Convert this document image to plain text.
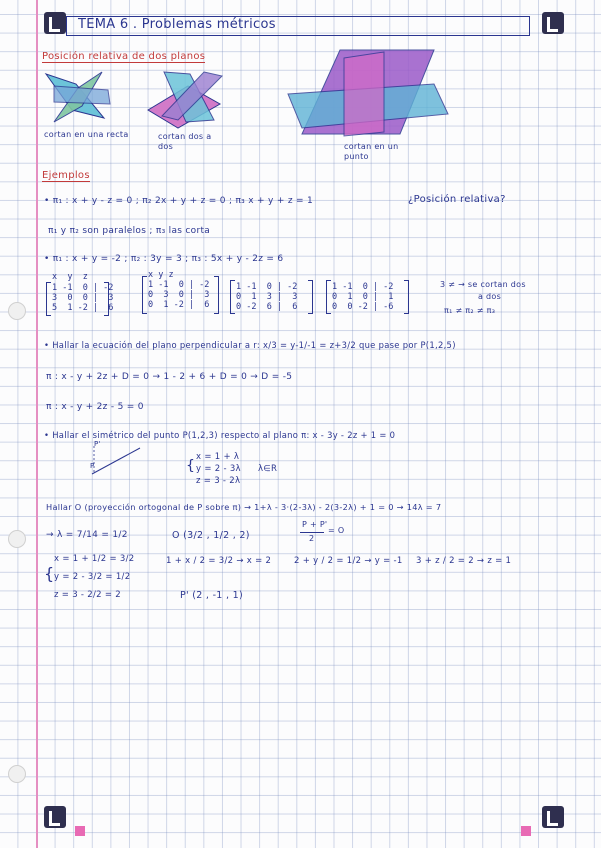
TEMA 6 . Problemas métricos
Posición relativa de dos planos
cortan en una recta	cortan dos a dos	cortan en un punto
Ejemplos
• π₁ : x + y - z = 0 ; π₂ 2x + y + z = 0 ; π₃ x + y + z = 1	¿Posición relativa?
π₁ y π₂ son paralelos ; π₃ las corta
• π₁ : x + y = -2 ; π₂ : 3y = 3 ; π₃ : 5x + y - 2z = 6
x  y  z
1 -1  0 | -2
3  0  0 |  3
5  1 -2 |  6
x y z
1 -1  0 | -2
0  3  0 |  3
0  1 -2 |  6
1 -1  0 | -2
0  1  3 |  3
0 -2  6 |  6
1 -1  0 | -2
0  1  0 |  1
0  0 -2 | -6
3 ≠ → se cortan dos
a dos
π₁ ≠ π₂ ≠ π₃
• Hallar la ecuación del plano perpendicular a r: x/3 = y-1/-1 = z+3/2 que pase por P(1,2,5)
π : x - y + 2z + D = 0 → 1 - 2 + 6 + D = 0 → D = -5
π : x - y + 2z - 5 = 0
• Hallar el simétrico del punto P(1,2,3) respecto al plano π: x - 3y - 2z + 1 = 0
P'
P	{
x = 1 + λ
y = 2 - 3λ
z = 3 - 2λ
λ∈R
Hallar O (proyección ortogonal de P sobre π) → 1+λ - 3·(2-3λ) - 2(3-2λ) + 1 = 0 → 14λ = 7
→ λ = 7/14 = 1/2	O (3/2 , 1/2 , 2)
P + P'
2
= O
{
x = 1 + 1/2 = 3/2
y = 2 - 3/2 = 1/2
z = 3 - 2/2 = 2
1 + x / 2 = 3/2 → x = 2	2 + y / 2 = 1/2 → y = -1 3 + z / 2 = 2 → z = 1
P' (2 , -1 , 1)
